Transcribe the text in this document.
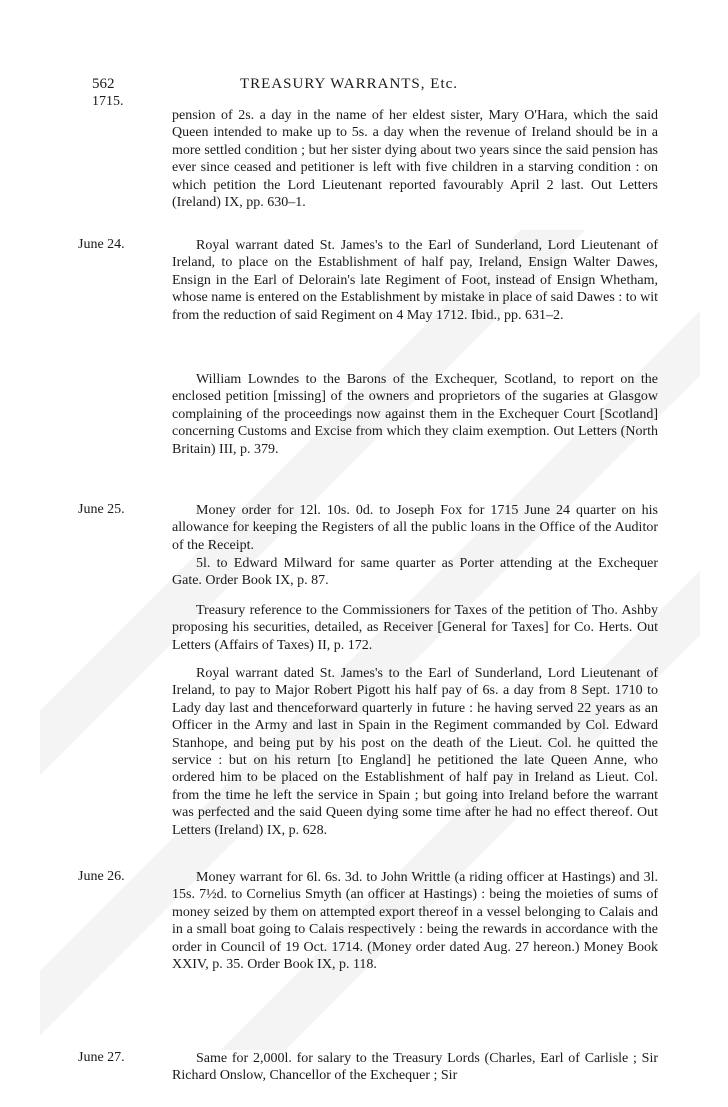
562	TREASURY WARRANTS, Etc.
1715.
pension of 2s. a day in the name of her eldest sister, Mary O'Hara, which the said Queen intended to make up to 5s. a day when the revenue of Ireland should be in a more settled condition ; but her sister dying about two years since the said pension has ever since ceased and petitioner is left with five children in a starving condition : on which petition the Lord Lieutenant reported favourably April 2 last. Out Letters (Ireland) IX, pp. 630–1.
June 24.	Royal warrant dated St. James's to the Earl of Sunderland, Lord Lieutenant of Ireland, to place on the Establishment of half pay, Ireland, Ensign Walter Dawes, Ensign in the Earl of Delorain's late Regiment of Foot, instead of Ensign Whetham, whose name is entered on the Establishment by mistake in place of said Dawes : to wit from the reduction of said Regiment on 4 May 1712. Ibid., pp. 631–2.
William Lowndes to the Barons of the Exchequer, Scotland, to report on the enclosed petition [missing] of the owners and proprietors of the sugaries at Glasgow complaining of the proceedings now against them in the Exchequer Court [Scotland] concerning Customs and Excise from which they claim exemption. Out Letters (North Britain) III, p. 379.
June 25.	Money order for 12l. 10s. 0d. to Joseph Fox for 1715 June 24 quarter on his allowance for keeping the Registers of all the public loans in the Office of the Auditor of the Receipt.
5l. to Edward Milward for same quarter as Porter attending at the Exchequer Gate. Order Book IX, p. 87.
Treasury reference to the Commissioners for Taxes of the petition of Tho. Ashby proposing his securities, detailed, as Receiver [General for Taxes] for Co. Herts. Out Letters (Affairs of Taxes) II, p. 172.
Royal warrant dated St. James's to the Earl of Sunderland, Lord Lieutenant of Ireland, to pay to Major Robert Pigott his half pay of 6s. a day from 8 Sept. 1710 to Lady day last and thenceforward quarterly in future : he having served 22 years as an Officer in the Army and last in Spain in the Regiment commanded by Col. Edward Stanhope, and being put by his post on the death of the Lieut. Col. he quitted the service : but on his return [to England] he petitioned the late Queen Anne, who ordered him to be placed on the Establishment of half pay in Ireland as Lieut. Col. from the time he left the service in Spain ; but going into Ireland before the warrant was perfected and the said Queen dying some time after he had no effect thereof. Out Letters (Ireland) IX, p. 628.
June 26.	Money warrant for 6l. 6s. 3d. to John Writtle (a riding officer at Hastings) and 3l. 15s. 7½d. to Cornelius Smyth (an officer at Hastings) : being the moieties of sums of money seized by them on attempted export thereof in a vessel belonging to Calais and in a small boat going to Calais respectively : being the rewards in accordance with the order in Council of 19 Oct. 1714. (Money order dated Aug. 27 hereon.) Money Book XXIV, p. 35. Order Book IX, p. 118.
June 27.	Same for 2,000l. for salary to the Treasury Lords (Charles, Earl of Carlisle ; Sir Richard Onslow, Chancellor of the Exchequer ; Sir
